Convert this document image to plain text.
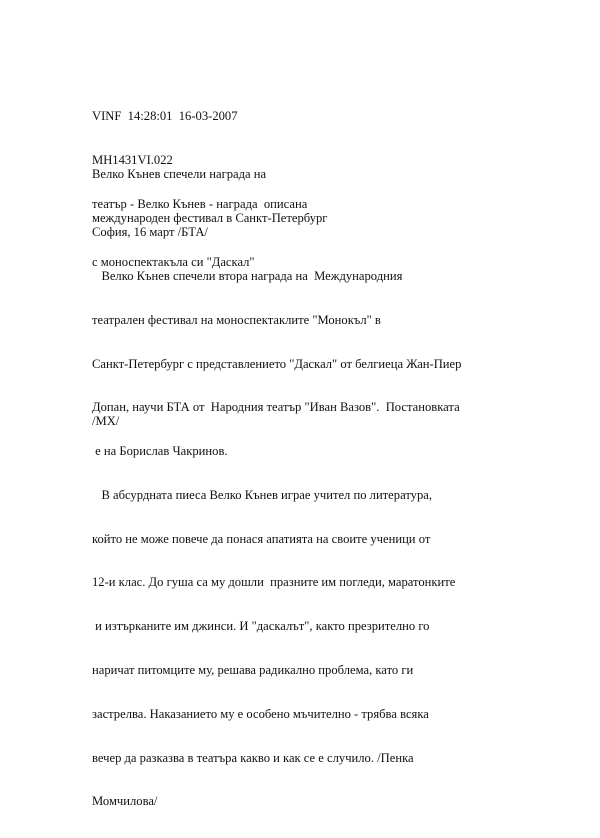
VINF  14:28:01  16-03-2007

MH1431VI.022

театър - Велко Кънев - награда  описана

Велко Кънев спечели награда на

международен фестивал в Санкт-Петербург

с моноспектакъла си "Даскал"

София, 16 март /БТА/

Велко Кънев спечели втора награда на  Международния

театрален фестивал на моноспектаклите "Монокъл" в

Санкт-Петербург с представлението "Даскал" от белгиеца Жан-Пиер

Допан, научи БТА от  Народния театър "Иван Вазов".  Постановката

е на Борислав Чакринов.

В абсурдната пиеса Велко Кънев играе учител по литература,

който не може повече да понася апатията на своите ученици от

12-и клас. До гуша са му дошли  празните им погледи, маратонките

и изтърканите им джинси. И "даскалът", както презрително го

наричат питомците му, решава радикално проблема, като ги

застрелва. Наказанието му е особено мъчително - трябва всяка

вечер да разказва в театъра какво и как се е случило. /Пенка

Момчилова/

/МХ/
